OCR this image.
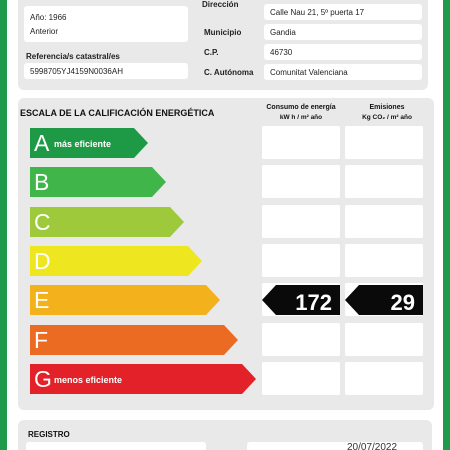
Año: 1966
Anterior
Referencia/s catastral/es
5998705YJ4159N0036AH
Dirección
Calle Nau 21, 5º puerta 17
Municipio	Gandia
C.P.	46730
C. Autónoma	Comunitat Valenciana
ESCALA DE LA CALIFICACIÓN ENERGÉTICA
Consumo de energía
kW h / m² año
Emisiones
Kg CO₂ / m² año
A más eficiente
B
C
D
E	172	29
F
G menos eficiente
REGISTRO
20/07/2022
